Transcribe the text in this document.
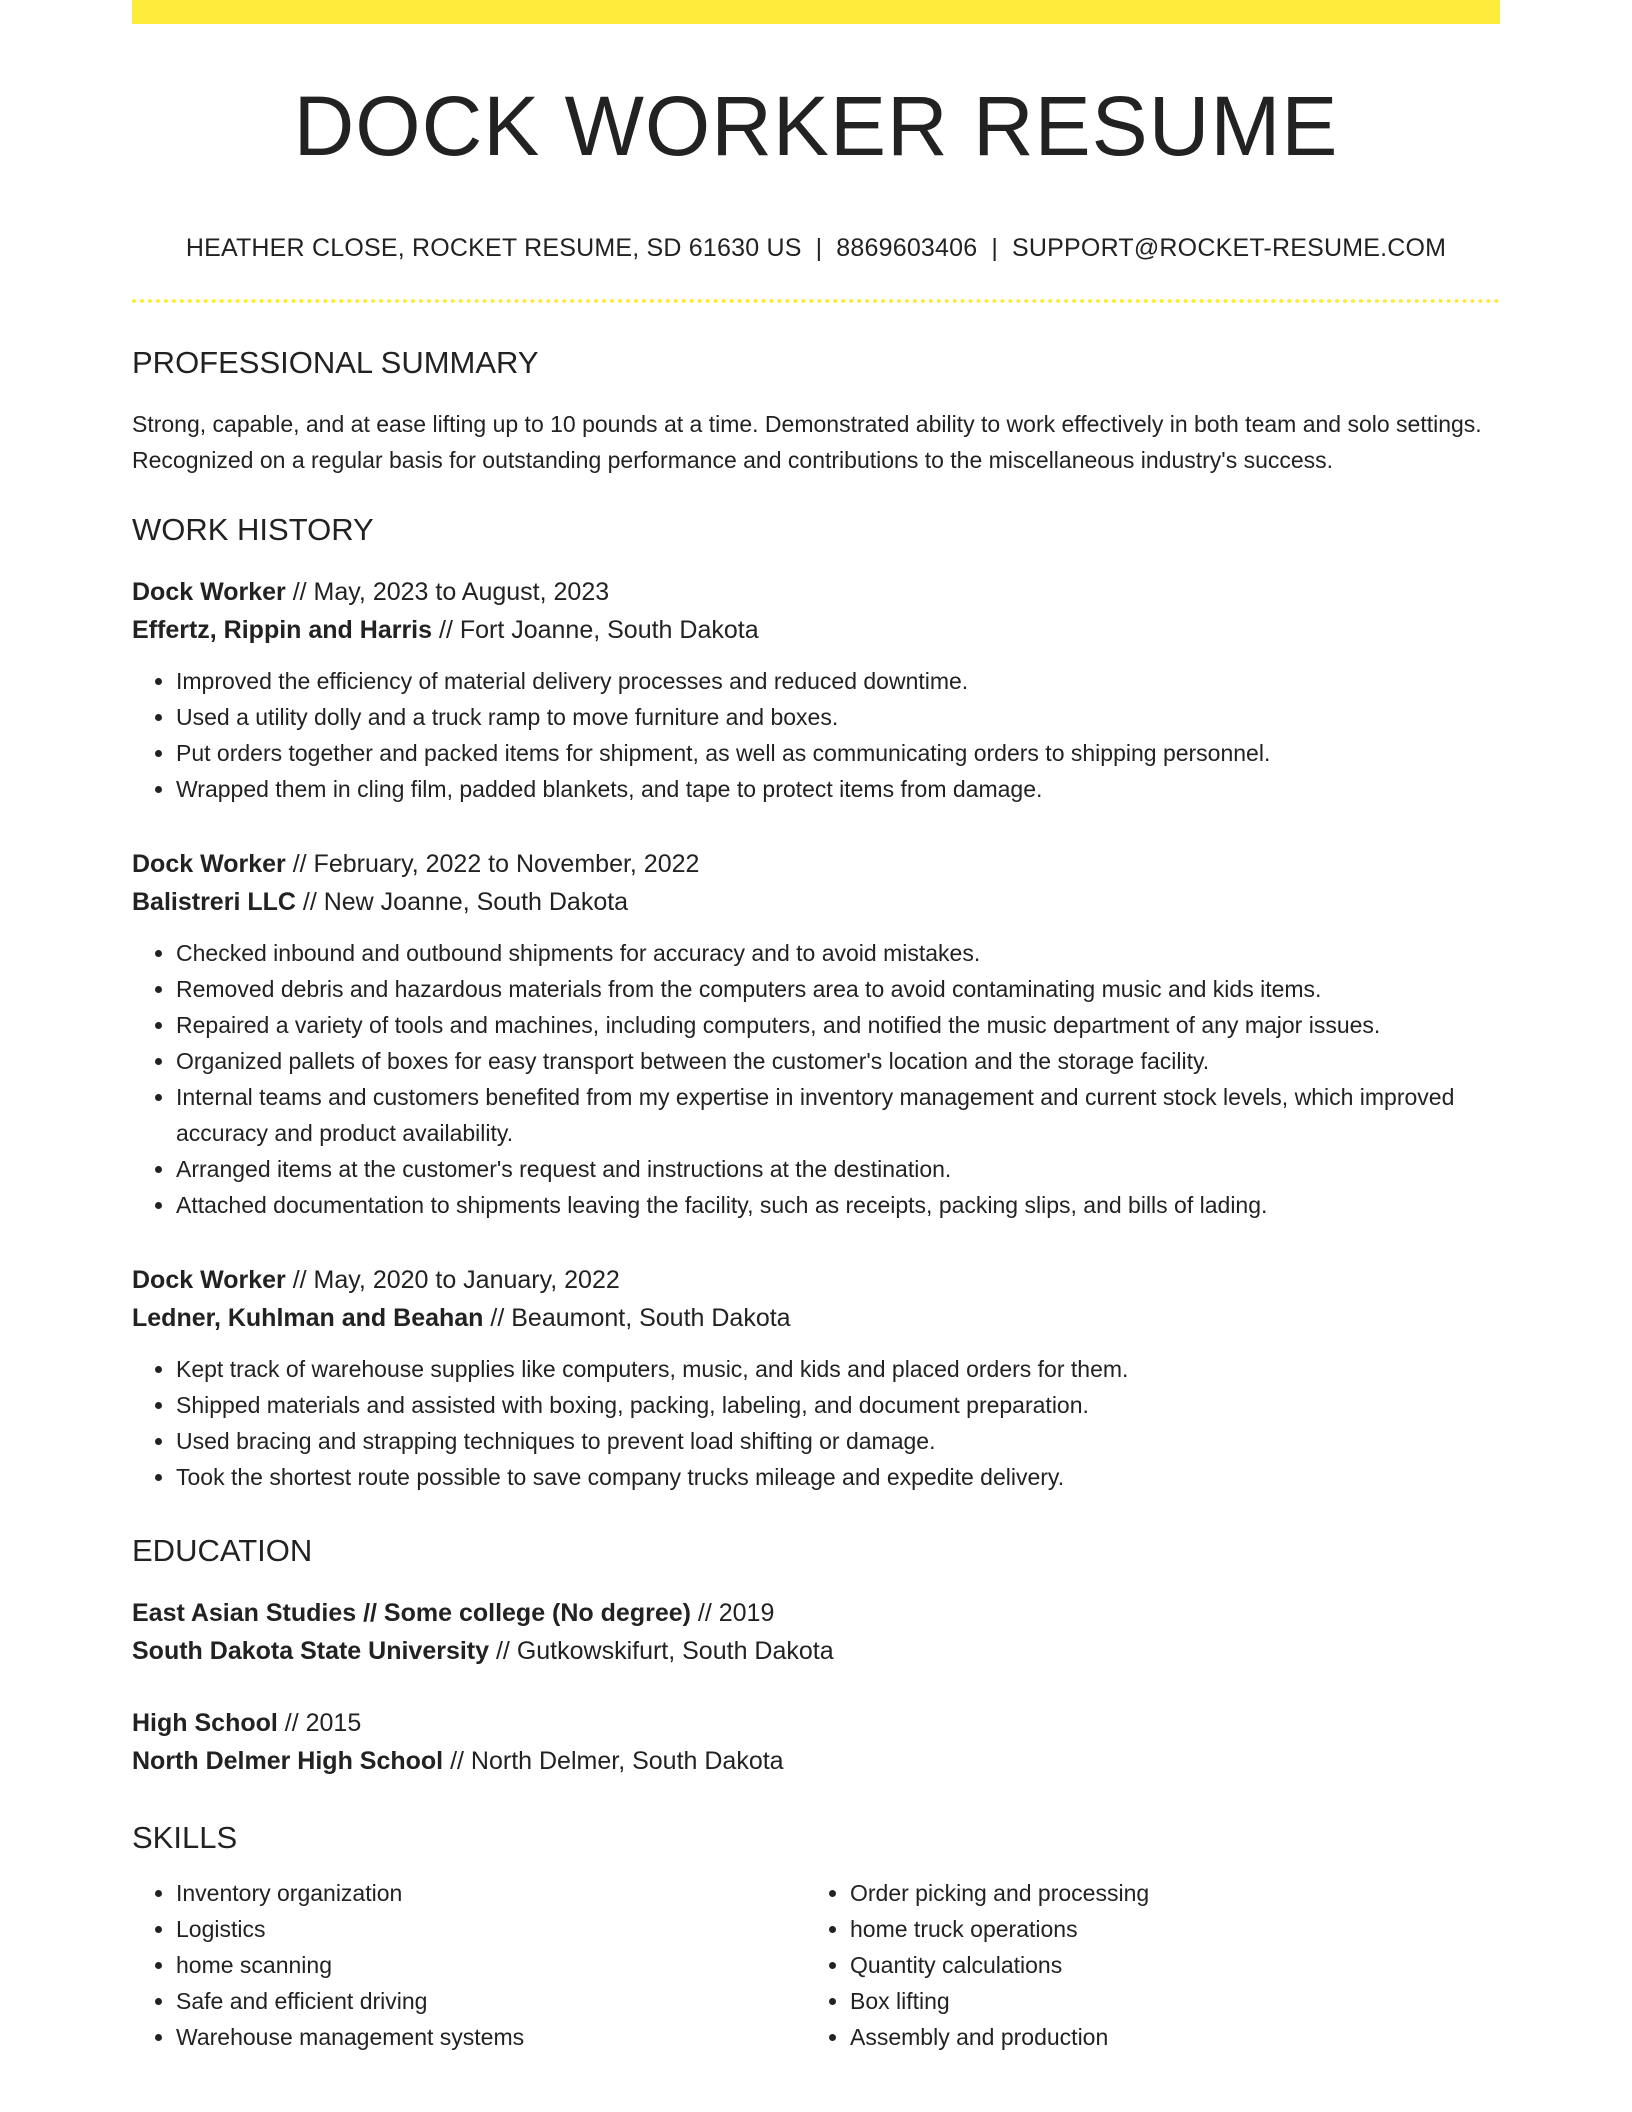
DOCK WORKER RESUME
HEATHER CLOSE, ROCKET RESUME, SD 61630 US | 8869603406 | SUPPORT@ROCKET-RESUME.COM
PROFESSIONAL SUMMARY

Strong, capable, and at ease lifting up to 10 pounds at a time. Demonstrated ability to work effectively in both team and solo settings. Recognized on a regular basis for outstanding performance and contributions to the miscellaneous industry's success.

WORK HISTORY
Dock Worker // May, 2023 to August, 2023
Effertz, Rippin and Harris // Fort Joanne, South Dakota
• Improved the efficiency of material delivery processes and reduced downtime.
• Used a utility dolly and a truck ramp to move furniture and boxes.
• Put orders together and packed items for shipment, as well as communicating orders to shipping personnel.
• Wrapped them in cling film, padded blankets, and tape to protect items from damage.
Dock Worker // February, 2022 to November, 2022
Balistreri LLC // New Joanne, South Dakota
• Checked inbound and outbound shipments for accuracy and to avoid mistakes.
• Removed debris and hazardous materials from the computers area to avoid contaminating music and kids items.
• Repaired a variety of tools and machines, including computers, and notified the music department of any major issues.
• Organized pallets of boxes for easy transport between the customer's location and the storage facility.
• Internal teams and customers benefited from my expertise in inventory management and current stock levels, which improved accuracy and product availability.
• Arranged items at the customer's request and instructions at the destination.
• Attached documentation to shipments leaving the facility, such as receipts, packing slips, and bills of lading.
Dock Worker // May, 2020 to January, 2022
Ledner, Kuhlman and Beahan // Beaumont, South Dakota
• Kept track of warehouse supplies like computers, music, and kids and placed orders for them.
• Shipped materials and assisted with boxing, packing, labeling, and document preparation.
• Used bracing and strapping techniques to prevent load shifting or damage.
• Took the shortest route possible to save company trucks mileage and expedite delivery.
EDUCATION
East Asian Studies // Some college (No degree) // 2019
South Dakota State University // Gutkowskifurt, South Dakota
High School // 2015
North Delmer High School // North Delmer, South Dakota
SKILLS
• Inventory organization
• Logistics
• home scanning
• Safe and efficient driving
• Warehouse management systems
• Order picking and processing
• home truck operations
• Quantity calculations
• Box lifting
• Assembly and production
